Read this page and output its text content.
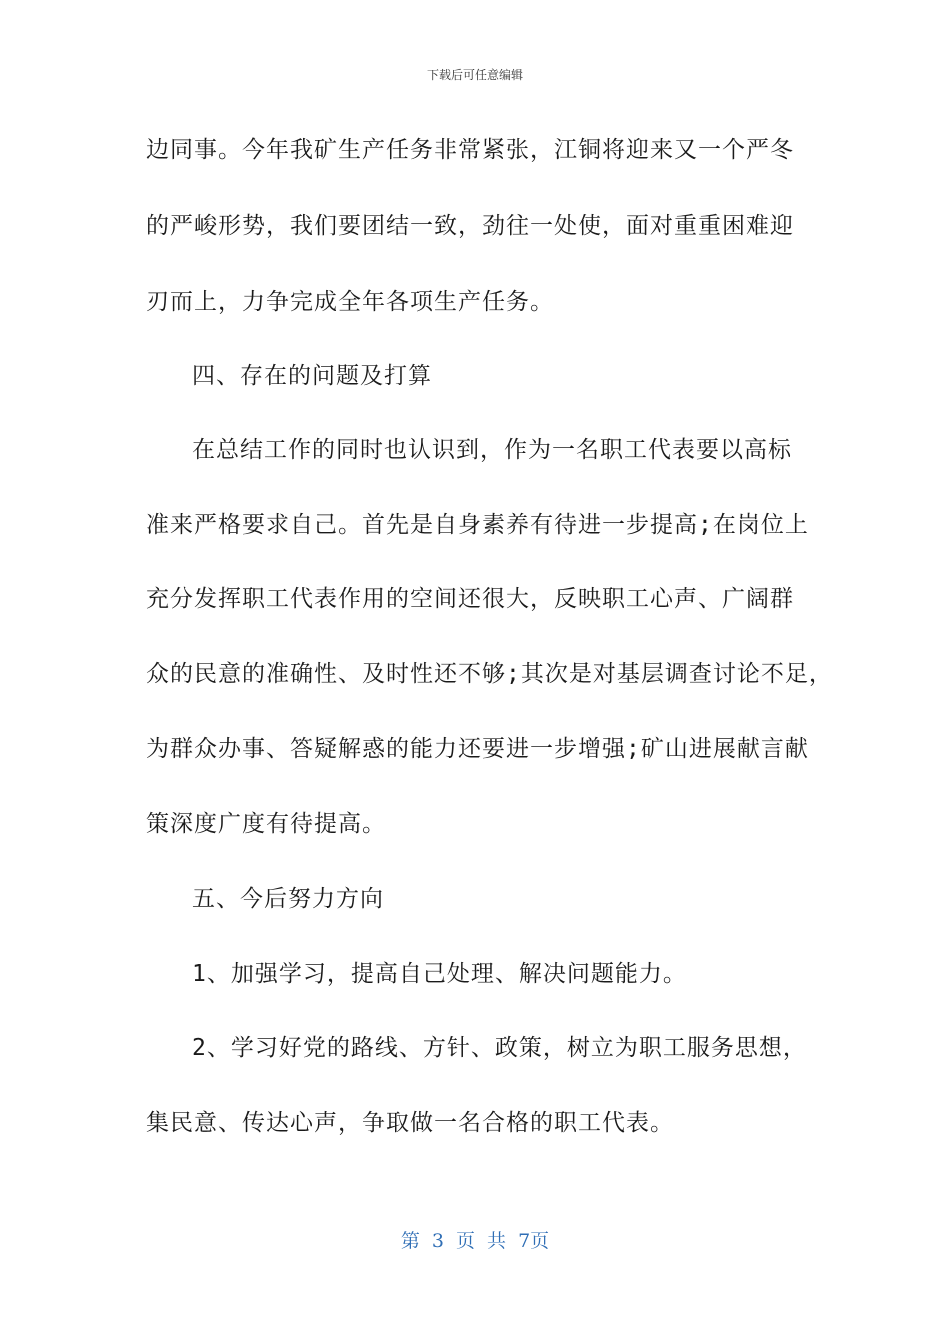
下载后可任意编辑
边同事。今年我矿生产任务非常紧张，江铜将迎来又一个严冬
的严峻形势，我们要团结一致，劲往一处使，面对重重困难迎
刃而上，力争完成全年各项生产任务。
四、存在的问题及打算
在总结工作的同时也认识到，作为一名职工代表要以高标
准来严格要求自己。首先是自身素养有待进一步提高;在岗位上
充分发挥职工代表作用的空间还很大，反映职工心声、广阔群
众的民意的准确性、及时性还不够;其次是对基层调查讨论不足，
为群众办事、答疑解惑的能力还要进一步增强;矿山进展献言献
策深度广度有待提高。
五、今后努力方向
1、加强学习，提高自己处理、解决问题能力。
2、学习好党的路线、方针、政策，树立为职工服务思想，
集民意、传达心声，争取做一名合格的职工代表。
第 3 页 共 7页
